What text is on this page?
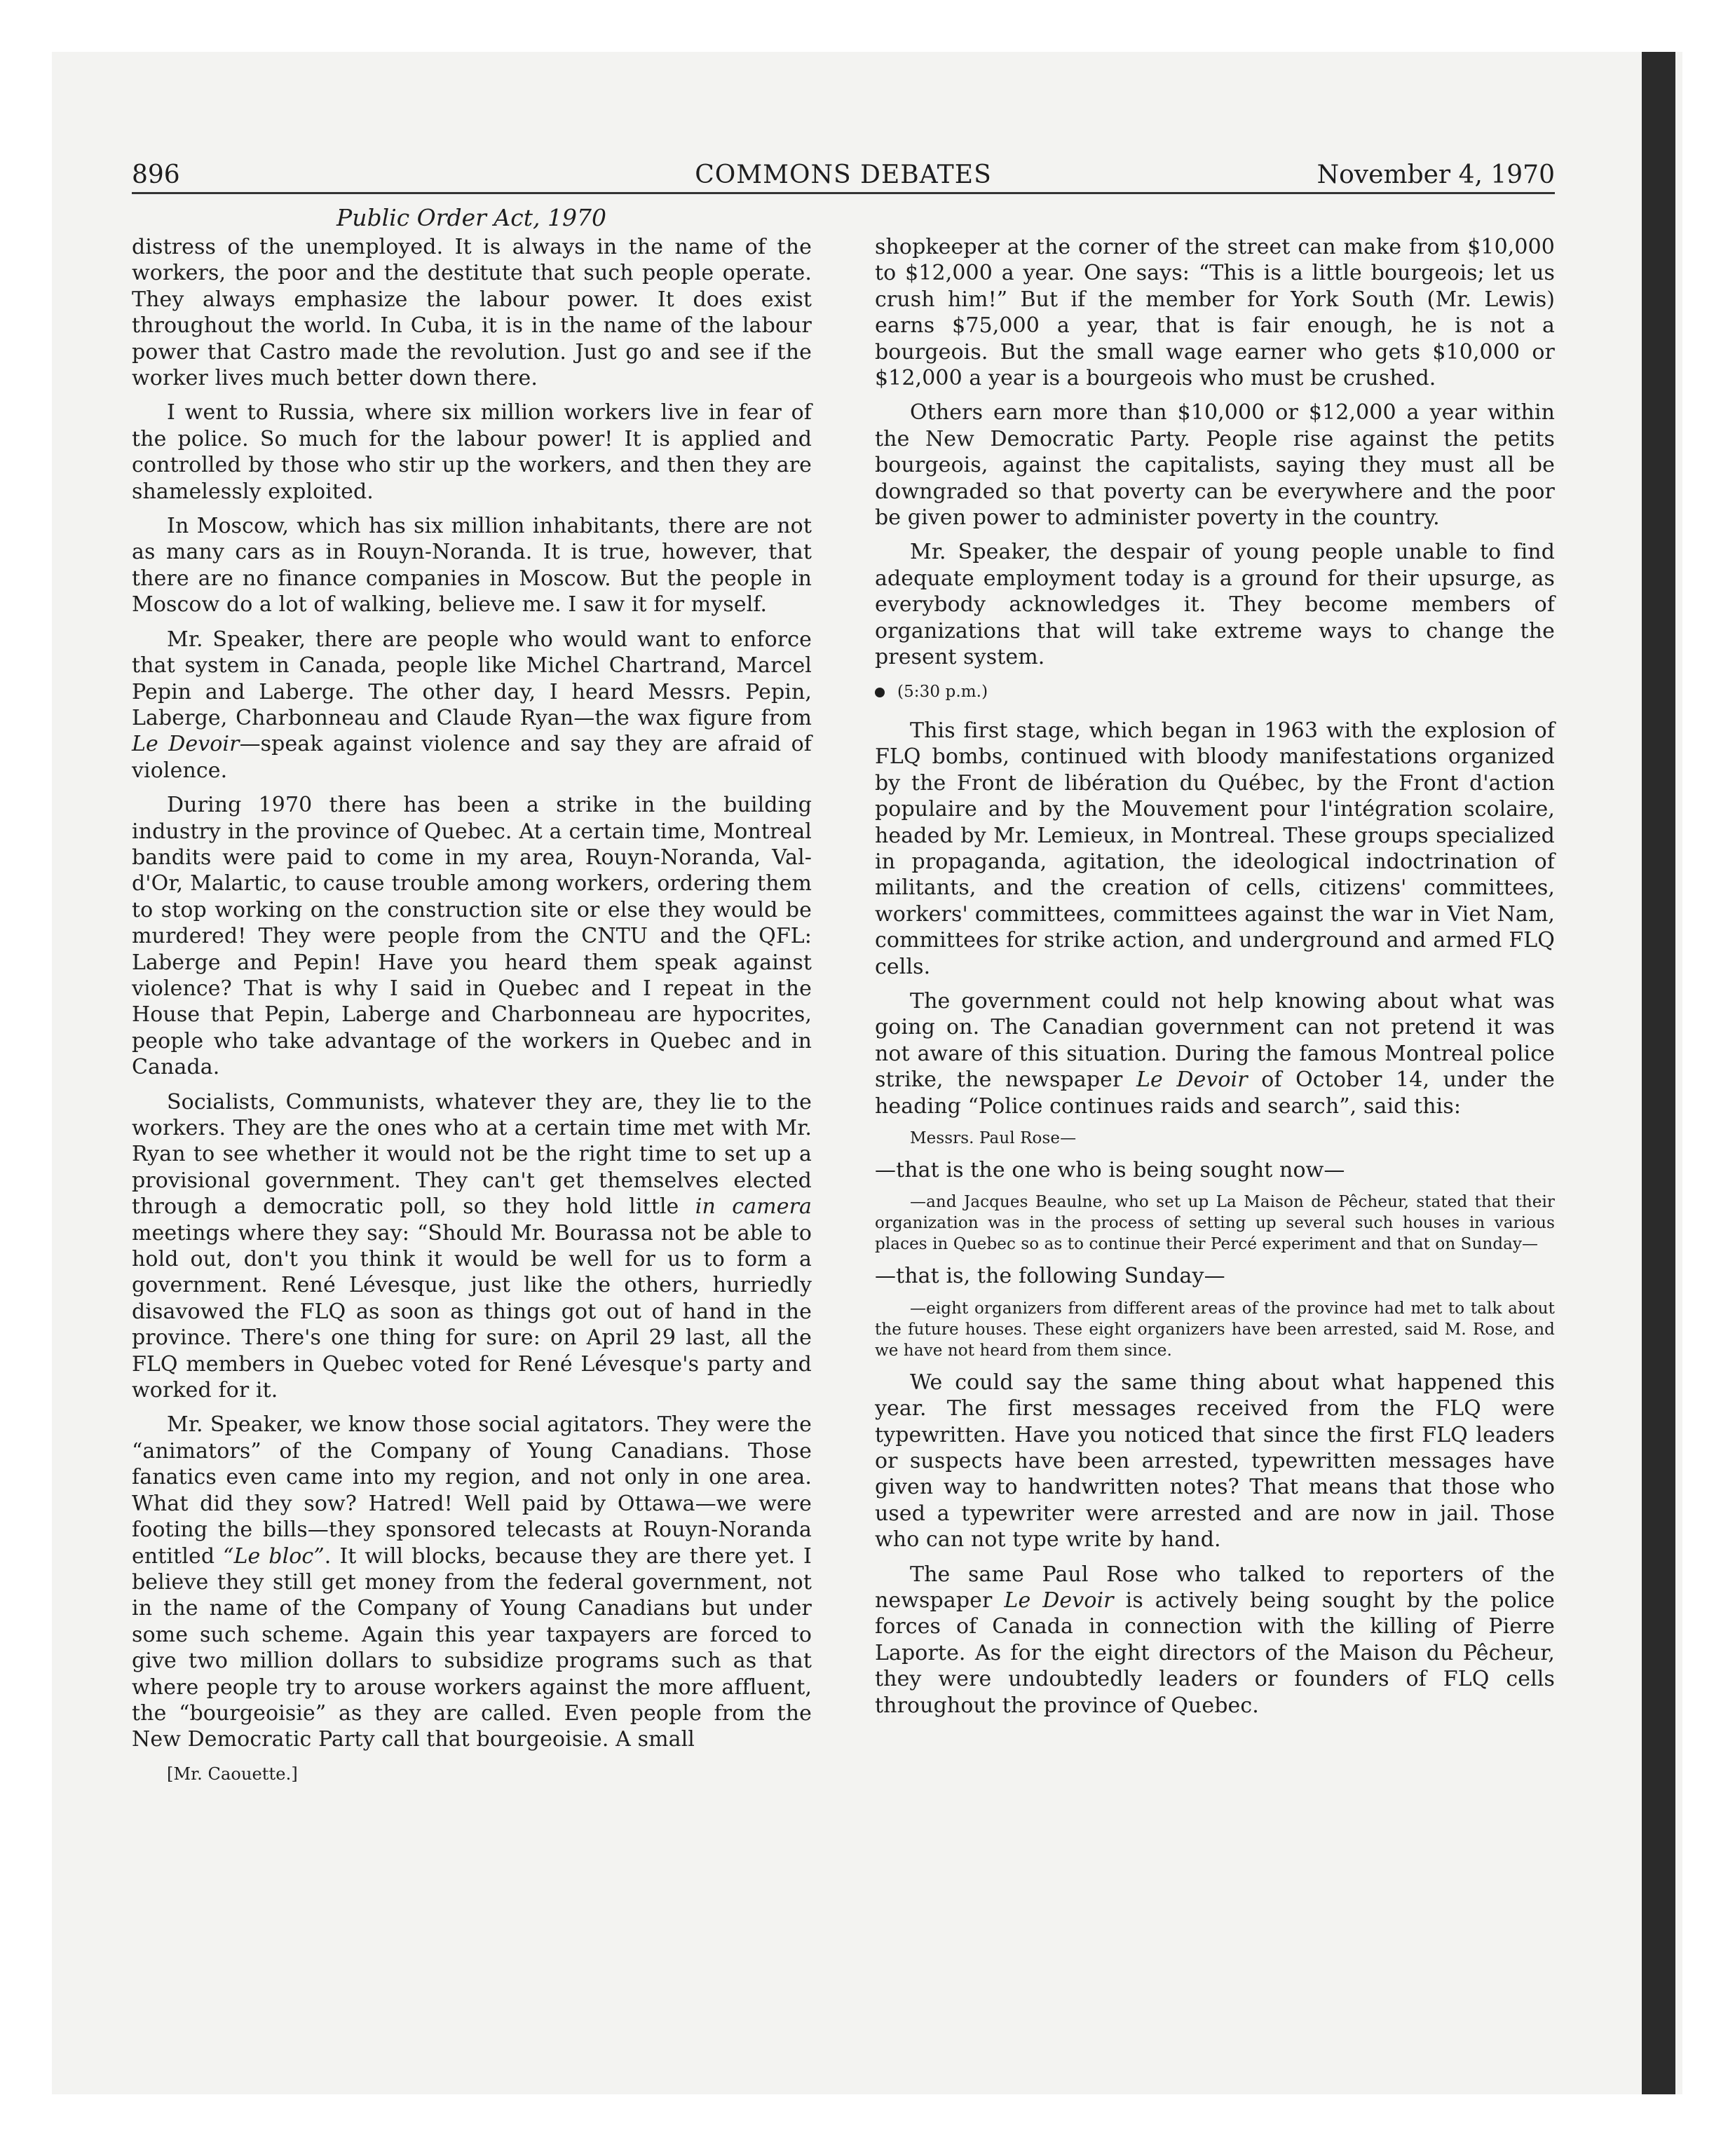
896	COMMONS DEBATES	November 4, 1970
Public Order Act, 1970

distress of the unemployed. It is always in the name of the workers, the poor and the destitute that such people operate. They always emphasize the labour power. It does exist throughout the world. In Cuba, it is in the name of the labour power that Castro made the revolution. Just go and see if the worker lives much better down there.

I went to Russia, where six million workers live in fear of the police. So much for the labour power! It is applied and controlled by those who stir up the workers, and then they are shamelessly exploited.

In Moscow, which has six million inhabitants, there are not as many cars as in Rouyn-Noranda. It is true, however, that there are no finance companies in Moscow. But the people in Moscow do a lot of walking, believe me. I saw it for myself.

Mr. Speaker, there are people who would want to enforce that system in Canada, people like Michel Chartrand, Marcel Pepin and Laberge. The other day, I heard Messrs. Pepin, Laberge, Charbonneau and Claude Ryan—the wax figure from Le Devoir—speak against violence and say they are afraid of violence.

During 1970 there has been a strike in the building industry in the province of Quebec. At a certain time, Montreal bandits were paid to come in my area, Rouyn-Noranda, Val-d'Or, Malartic, to cause trouble among workers, ordering them to stop working on the construction site or else they would be murdered! They were people from the CNTU and the QFL: Laberge and Pepin! Have you heard them speak against violence? That is why I said in Quebec and I repeat in the House that Pepin, Laberge and Charbonneau are hypocrites, people who take advantage of the workers in Quebec and in Canada.

Socialists, Communists, whatever they are, they lie to the workers. They are the ones who at a certain time met with Mr. Ryan to see whether it would not be the right time to set up a provisional government. They can't get themselves elected through a democratic poll, so they hold little in camera meetings where they say: “Should Mr. Bourassa not be able to hold out, don't you think it would be well for us to form a government. René Lévesque, just like the others, hurriedly disavowed the FLQ as soon as things got out of hand in the province. There's one thing for sure: on April 29 last, all the FLQ members in Quebec voted for René Lévesque's party and worked for it.

Mr. Speaker, we know those social agitators. They were the “animators” of the Company of Young Canadians. Those fanatics even came into my region, and not only in one area. What did they sow? Hatred! Well paid by Ottawa—we were footing the bills—they sponsored telecasts at Rouyn-Noranda entitled “Le bloc”. It will blocks, because they are there yet. I believe they still get money from the federal government, not in the name of the Company of Young Canadians but under some such scheme. Again this year taxpayers are forced to give two million dollars to subsidize programs such as that where people try to arouse workers against the more affluent, the “bourgeoisie” as they are called. Even people from the New Democratic Party call that bourgeoisie. A small

[Mr. Caouette.]

shopkeeper at the corner of the street can make from $10,000 to $12,000 a year. One says: “This is a little bourgeois; let us crush him!” But if the member for York South (Mr. Lewis) earns $75,000 a year, that is fair enough, he is not a bourgeois. But the small wage earner who gets $10,000 or $12,000 a year is a bourgeois who must be crushed.

Others earn more than $10,000 or $12,000 a year within the New Democratic Party. People rise against the petits bourgeois, against the capitalists, saying they must all be downgraded so that poverty can be everywhere and the poor be given power to administer poverty in the country.

Mr. Speaker, the despair of young people unable to find adequate employment today is a ground for their upsurge, as everybody acknowledges it. They become members of organizations that will take extreme ways to change the present system.

(5:30 p.m.)

This first stage, which began in 1963 with the explosion of FLQ bombs, continued with bloody manifestations organized by the Front de libération du Québec, by the Front d'action populaire and by the Mouvement pour l'intégration scolaire, headed by Mr. Lemieux, in Montreal. These groups specialized in propaganda, agitation, the ideological indoctrination of militants, and the creation of cells, citizens' committees, workers' committees, committees against the war in Viet Nam, committees for strike action, and underground and armed FLQ cells.

The government could not help knowing about what was going on. The Canadian government can not pretend it was not aware of this situation. During the famous Montreal police strike, the newspaper Le Devoir of October 14, under the heading “Police continues raids and search”, said this:

Messrs. Paul Rose—

—that is the one who is being sought now—

—and Jacques Beaulne, who set up La Maison de Pêcheur, stated that their organization was in the process of setting up several such houses in various places in Quebec so as to continue their Percé experiment and that on Sunday—

—that is, the following Sunday—

—eight organizers from different areas of the province had met to talk about the future houses. These eight organizers have been arrested, said M. Rose, and we have not heard from them since.

We could say the same thing about what happened this year. The first messages received from the FLQ were typewritten. Have you noticed that since the first FLQ leaders or suspects have been arrested, typewritten messages have given way to handwritten notes? That means that those who used a typewriter were arrested and are now in jail. Those who can not type write by hand.

The same Paul Rose who talked to reporters of the newspaper Le Devoir is actively being sought by the police forces of Canada in connection with the killing of Pierre Laporte. As for the eight directors of the Maison du Pêcheur, they were undoubtedly leaders or founders of FLQ cells throughout the province of Quebec.
